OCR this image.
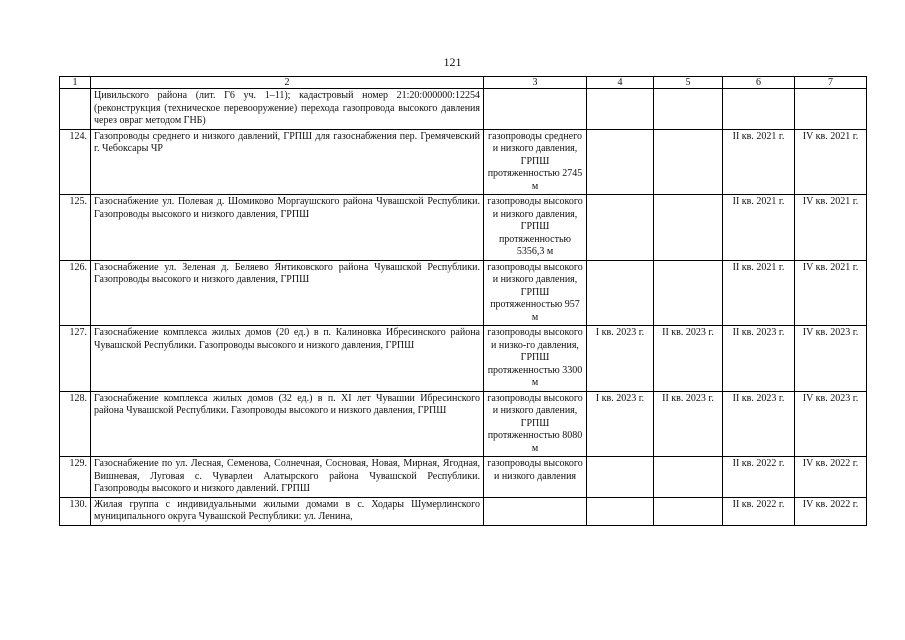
121
1	2	3	4	5	6	7
	Цивильского района (лит. Г6 уч. 1–11); кадастровый номер 21:20:000000:12254 (реконструкция (техническое перевооружение) перехода газопровода высокого давления через овраг методом ГНБ)					
124.	Газопроводы среднего и низкого давлений, ГРПШ для газоснабжения пер. Гремячевский г. Чебоксары ЧР	газопроводы среднего и низкого давления, ГРПШ протяженностью 2745 м			II кв. 2021 г.	IV кв. 2021 г.
125.	Газоснабжение ул. Полевая д. Шомиково Моргаушского района Чувашской Республики. Газопроводы высокого и низкого давления, ГРПШ	газопроводы высокого и низкого давления, ГРПШ протяженностью 5356,3 м			II кв. 2021 г.	IV кв. 2021 г.
126.	Газоснабжение ул. Зеленая д. Беляево Янтиковского района Чувашской Республики. Газопроводы высокого и низкого давления, ГРПШ	газопроводы высокого и низкого давления, ГРПШ протяженностью 957 м			II кв. 2021 г.	IV кв. 2021 г.
127.	Газоснабжение комплекса жилых домов (20 ед.) в п. Калиновка Ибресинского района Чувашской Республики. Газопроводы высокого и низкого давления, ГРПШ	газопроводы высокого и низко-го давления, ГРПШ протяженностью 3300 м	I кв. 2023 г.	II кв. 2023 г.	II кв. 2023 г.	IV кв. 2023 г.
128.	Газоснабжение комплекса жилых домов (32 ед.) в п. XI лет Чувашии Ибресинского района Чувашской Республики. Газопроводы высокого и низкого давления, ГРПШ	газопроводы высокого и низкого давления, ГРПШ протяженностью 8080 м	I кв. 2023 г.	II кв. 2023 г.	II кв. 2023 г.	IV кв. 2023 г.
129.	Газоснабжение по ул. Лесная, Семенова, Солнечная, Сосновая, Новая, Мирная, Ягодная, Вишневая, Луговая с. Чуварлеи Алатырского района Чувашской Республики. Газопроводы высокого и низкого давлений. ГРПШ	газопроводы высокого и низкого давления			II кв. 2022 г.	IV кв. 2022 г.
130.	Жилая группа с индивидуальными жилыми домами в с. Ходары Шумерлинского муниципального округа Чувашской Республики: ул. Ленина,				II кв. 2022 г.	IV кв. 2022 г.
